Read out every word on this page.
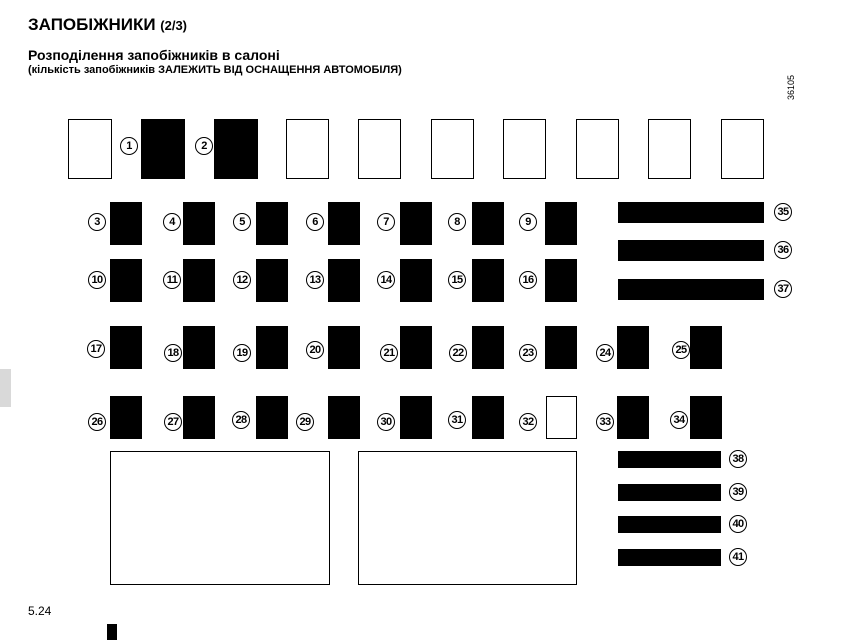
ЗАПОБІЖНИКИ (2/3)
Розподілення запобіжників в салоні
(кількість запобіжників ЗАЛЕЖИТЬ ВІД ОСНАЩЕННЯ АВТОМОБІЛЯ)
36105
5.24
1	2
3	4	5	6	7	8	9
10	11	12	13	14	15	16
17	18	19	20	21	22	23	24	25
26	27	28	29	30	31	32	33	34
35
36
37
38
39
40
41
